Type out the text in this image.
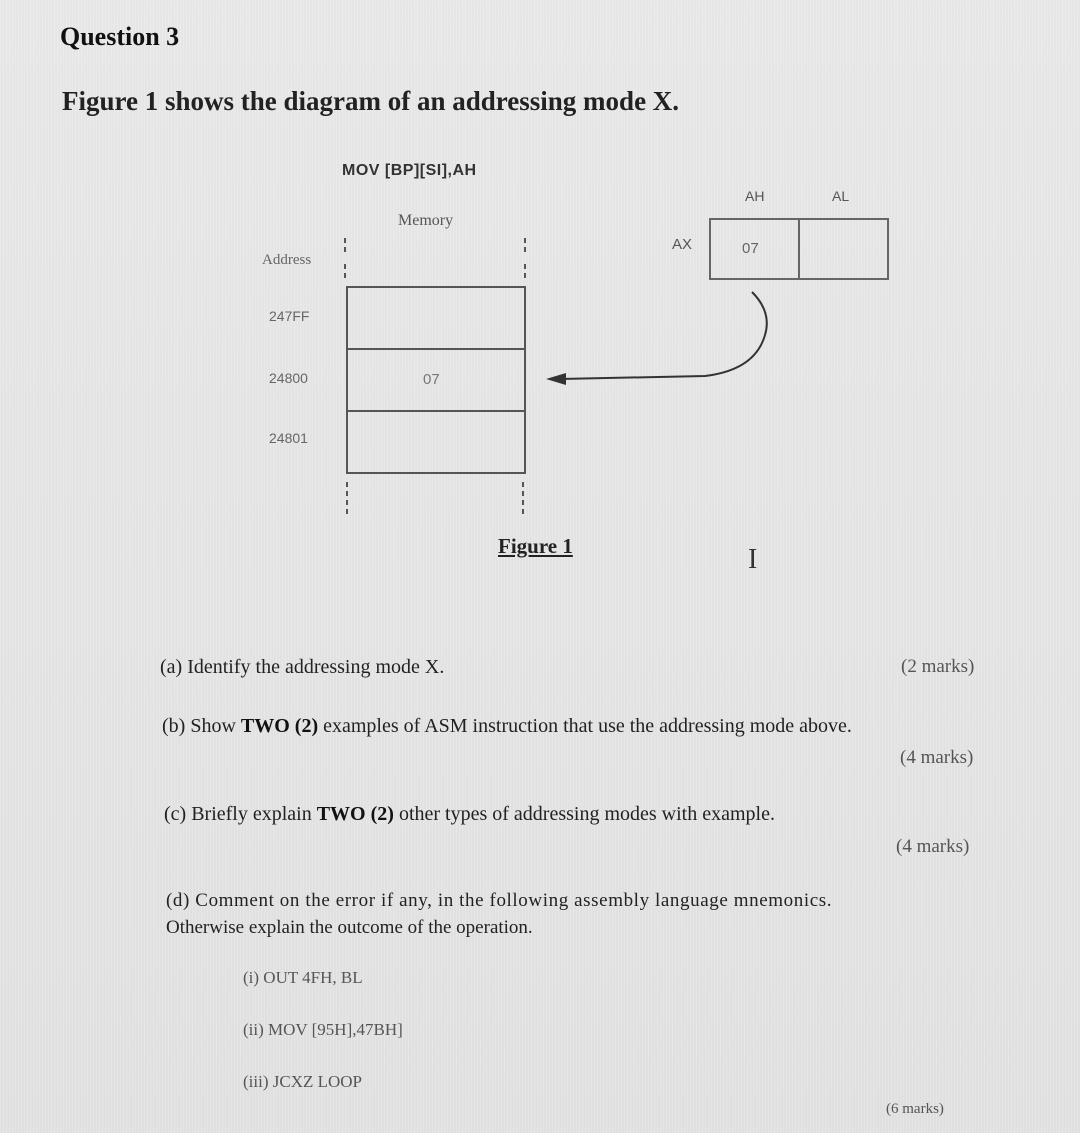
Question 3
Figure 1 shows the diagram of an addressing mode X.
MOV [BP][SI],AH
AH	AL
Memory
Address
AX	07
247FF
24800
24801
07
Figure 1	I
(a) Identify the addressing mode X.	(2 marks)
(b) Show TWO (2) examples of ASM instruction that use the addressing mode above.
(4 marks)
(c) Briefly explain TWO (2) other types of addressing modes with example.
(4 marks)
(d) Comment on the error if any, in the following assembly language mnemonics.
Otherwise explain the outcome of the operation.
(i) OUT 4FH, BL
(ii) MOV [95H],47BH]
(iii) JCXZ LOOP
(6 marks)
